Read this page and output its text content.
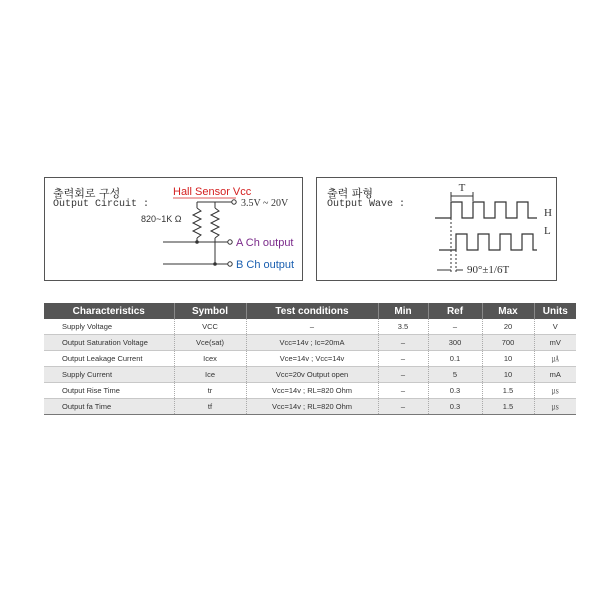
출력회로 구성
Output Circuit :
Hall Sensor Vcc
3.5V ~ 20V
820~1K Ω
A Ch output
B Ch output
출력 파형
Output Wave :
T
H
L
90°±1/6T
Characteristics	Symbol	Test conditions	Min	Ref	Max	Units
Supply Voltage	VCC	–	3.5	–	20	V
Output Saturation Voltage	Vce(sat)	Vcc=14v ; Ic=20mA	–	300	700	mV
Output Leakage Current	Icex	Vce=14v ; Vcc=14v	–	0.1	10	㎂
Supply Current	Ice	Vcc=20v Output open	–	5	10	mA
Output Rise Time	tr	Vcc=14v ; RL=820 Ohm	–	0.3	1.5	㎲
Output fa Time	tf	Vcc=14v ; RL=820 Ohm	–	0.3	1.5	㎲
